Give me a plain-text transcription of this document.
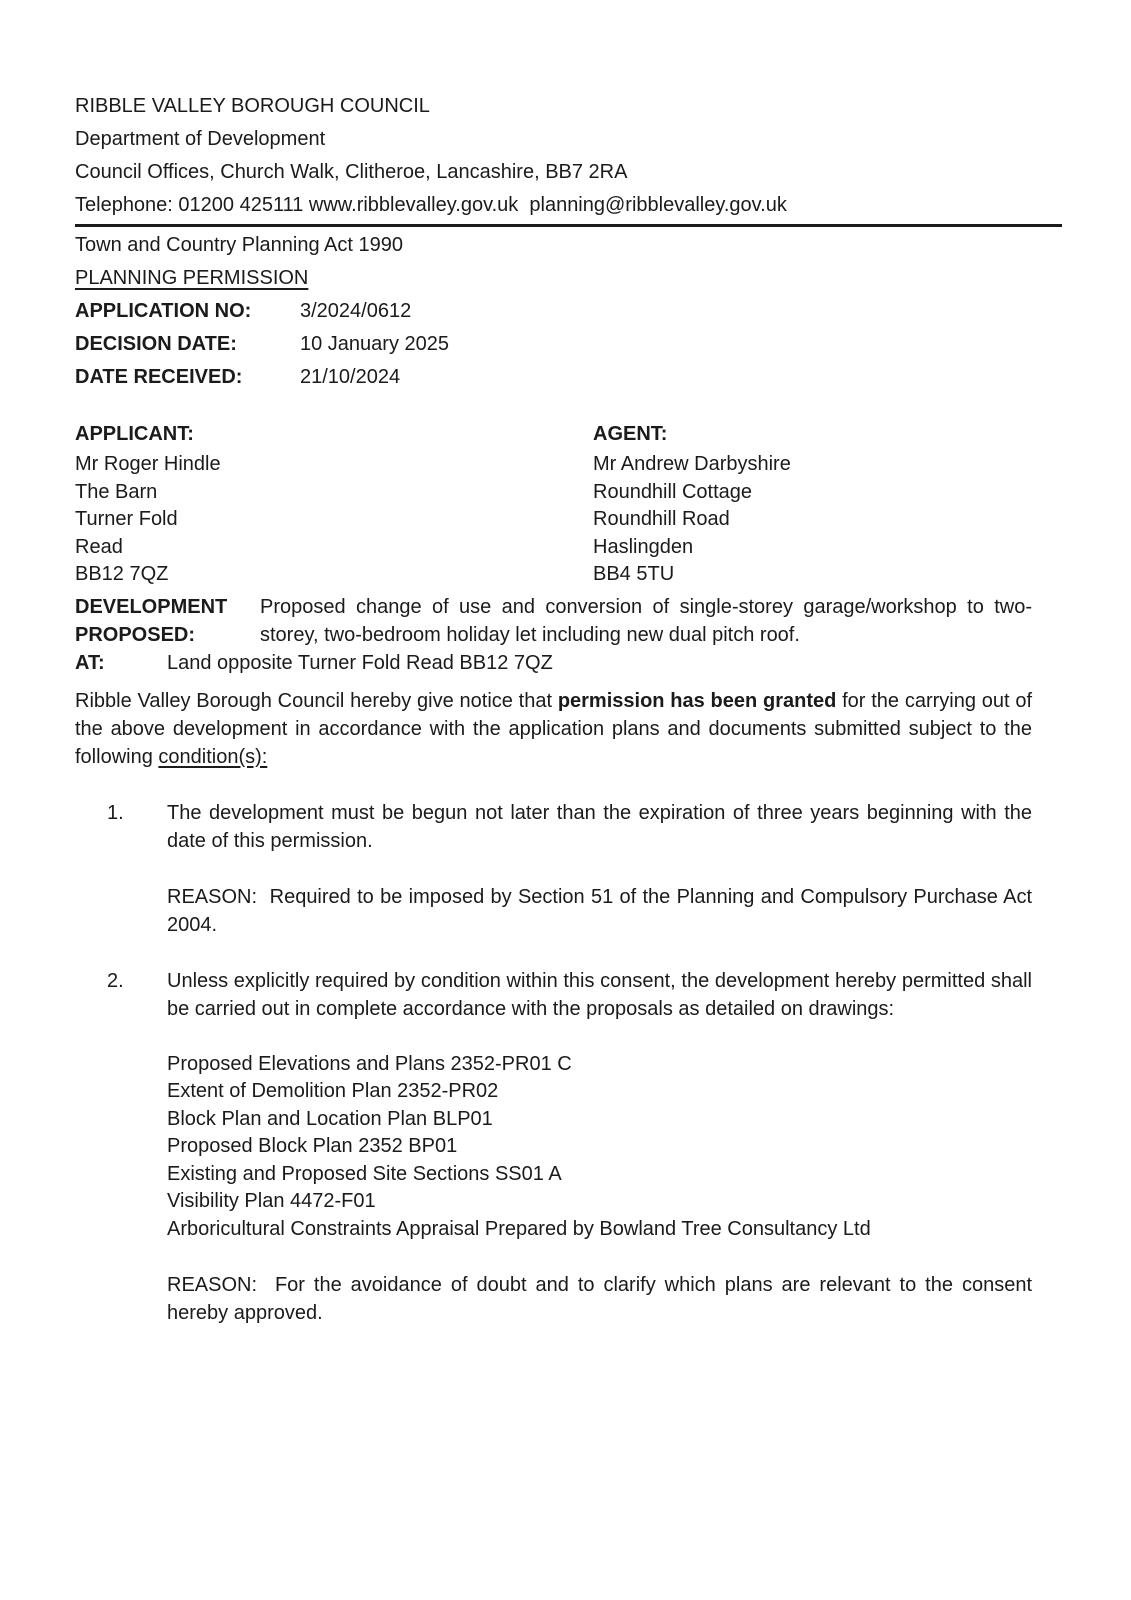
RIBBLE VALLEY BOROUGH COUNCIL
Department of Development
Council Offices, Church Walk, Clitheroe, Lancashire, BB7 2RA
Telephone: 01200 425111 www.ribblevalley.gov.uk  planning@ribblevalley.gov.uk
Town and Country Planning Act 1990
PLANNING PERMISSION
APPLICATION NO:	3/2024/0612
DECISION DATE:	10 January 2025
DATE RECEIVED:	21/10/2024
APPLICANT:
Mr Roger Hindle
The Barn
Turner Fold
Read
BB12 7QZ
AGENT:
Mr Andrew Darbyshire
Roundhill Cottage
Roundhill Road
Haslingden
BB4 5TU
DEVELOPMENT
PROPOSED:
Proposed change of use and conversion of single-storey garage/workshop to two-storey, two-bedroom holiday let including new dual pitch roof.
AT:	Land opposite Turner Fold Read BB12 7QZ

Ribble Valley Borough Council hereby give notice that permission has been granted for the carrying out of the above development in accordance with the application plans and documents submitted subject to the following condition(s):

1.	The development must be begun not later than the expiration of three years beginning with the date of this permission.

REASON:  Required to be imposed by Section 51 of the Planning and Compulsory Purchase Act 2004.

2.	Unless explicitly required by condition within this consent, the development hereby permitted shall be carried out in complete accordance with the proposals as detailed on drawings:

Proposed Elevations and Plans 2352-PR01 C
Extent of Demolition Plan 2352-PR02
Block Plan and Location Plan BLP01
Proposed Block Plan 2352 BP01
Existing and Proposed Site Sections SS01 A
Visibility Plan 4472-F01
Arboricultural Constraints Appraisal Prepared by Bowland Tree Consultancy Ltd

REASON:  For the avoidance of doubt and to clarify which plans are relevant to the consent hereby approved.
